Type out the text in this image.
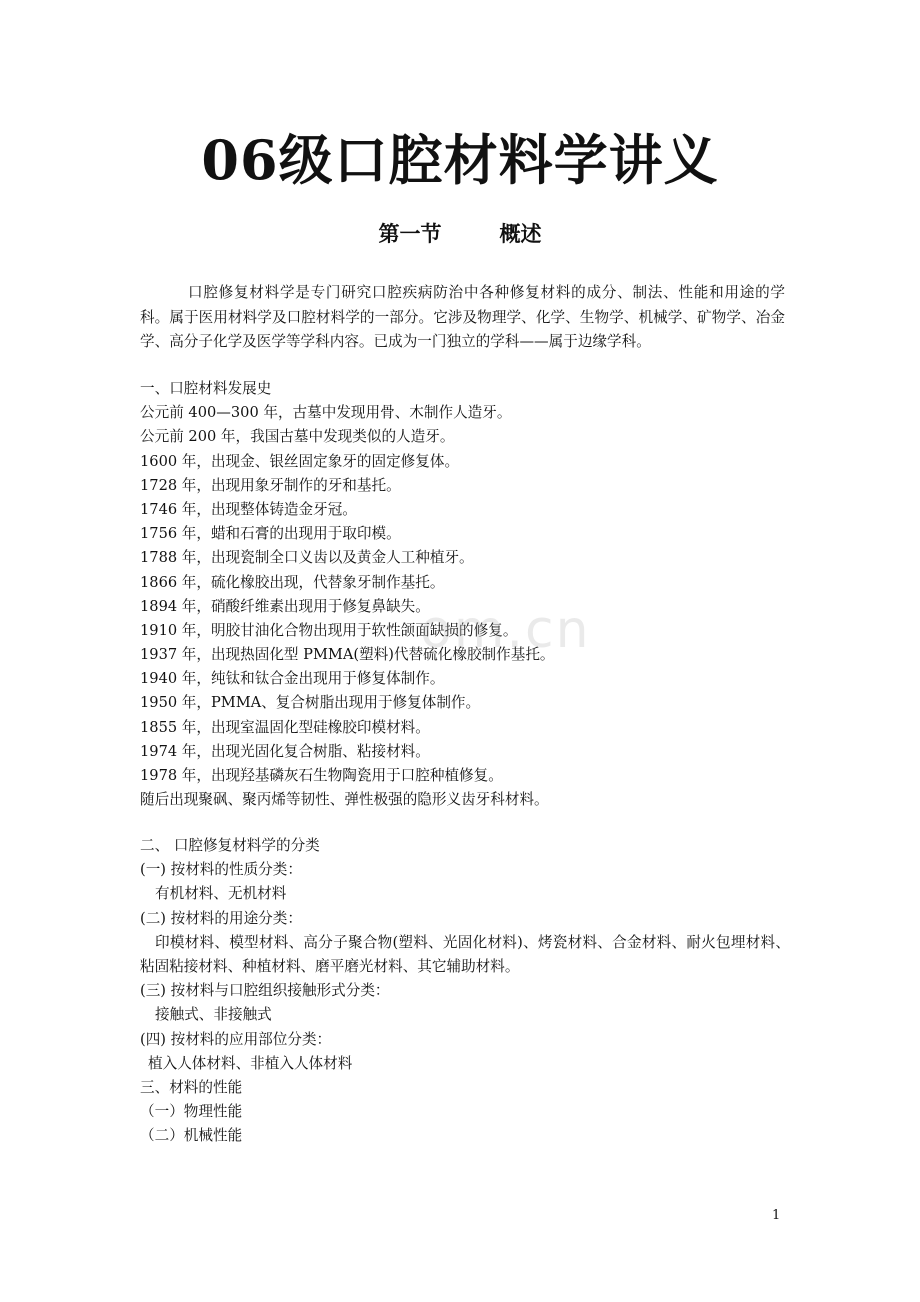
06级口腔材料学讲义
第一节	概述

口腔修复材料学是专门研究口腔疾病防治中各种修复材料的成分、制法、性能和用途的学科。属于医用材料学及口腔材料学的一部分。它涉及物理学、化学、生物学、机械学、矿物学、冶金学、高分子化学及医学等学科内容。已成为一门独立的学科——属于边缘学科。

一、口腔材料发展史
公元前 400—300 年，古墓中发现用骨、木制作人造牙。
公元前 200 年，我国古墓中发现类似的人造牙。
1600 年，出现金、银丝固定象牙的固定修复体。
1728 年，出现用象牙制作的牙和基托。
1746 年，出现整体铸造金牙冠。
1756 年，蜡和石膏的出现用于取印模。
1788 年，出现瓷制全口义齿以及黄金人工种植牙。
1866 年，硫化橡胶出现，代替象牙制作基托。
1894 年，硝酸纤维素出现用于修复鼻缺失。
1910 年，明胶甘油化合物出现用于软性颌面缺损的修复。
1937 年，出现热固化型 PMMA(塑料)代替硫化橡胶制作基托。
1940 年，纯钛和钛合金出现用于修复体制作。
1950 年，PMMA、复合树脂出现用于修复体制作。
1855 年，出现室温固化型硅橡胶印模材料。
1974 年，出现光固化复合树脂、粘接材料。
1978 年，出现羟基磷灰石生物陶瓷用于口腔种植修复。
随后出现聚砜、聚丙烯等韧性、弹性极强的隐形义齿牙科材料。
二、 口腔修复材料学的分类
(一) 按材料的性质分类：
有机材料、无机材料
(二) 按材料的用途分类：
印模材料、模型材料、高分子聚合物(塑料、光固化材料)、烤瓷材料、合金材料、耐火包埋材料、粘固粘接材料、种植材料、磨平磨光材料、其它辅助材料。
(三) 按材料与口腔组织接触形式分类：
接触式、非接触式
(四) 按材料的应用部位分类：
植入人体材料、非植入人体材料
三、材料的性能
（一）物理性能
（二）机械性能
om.cn
1
